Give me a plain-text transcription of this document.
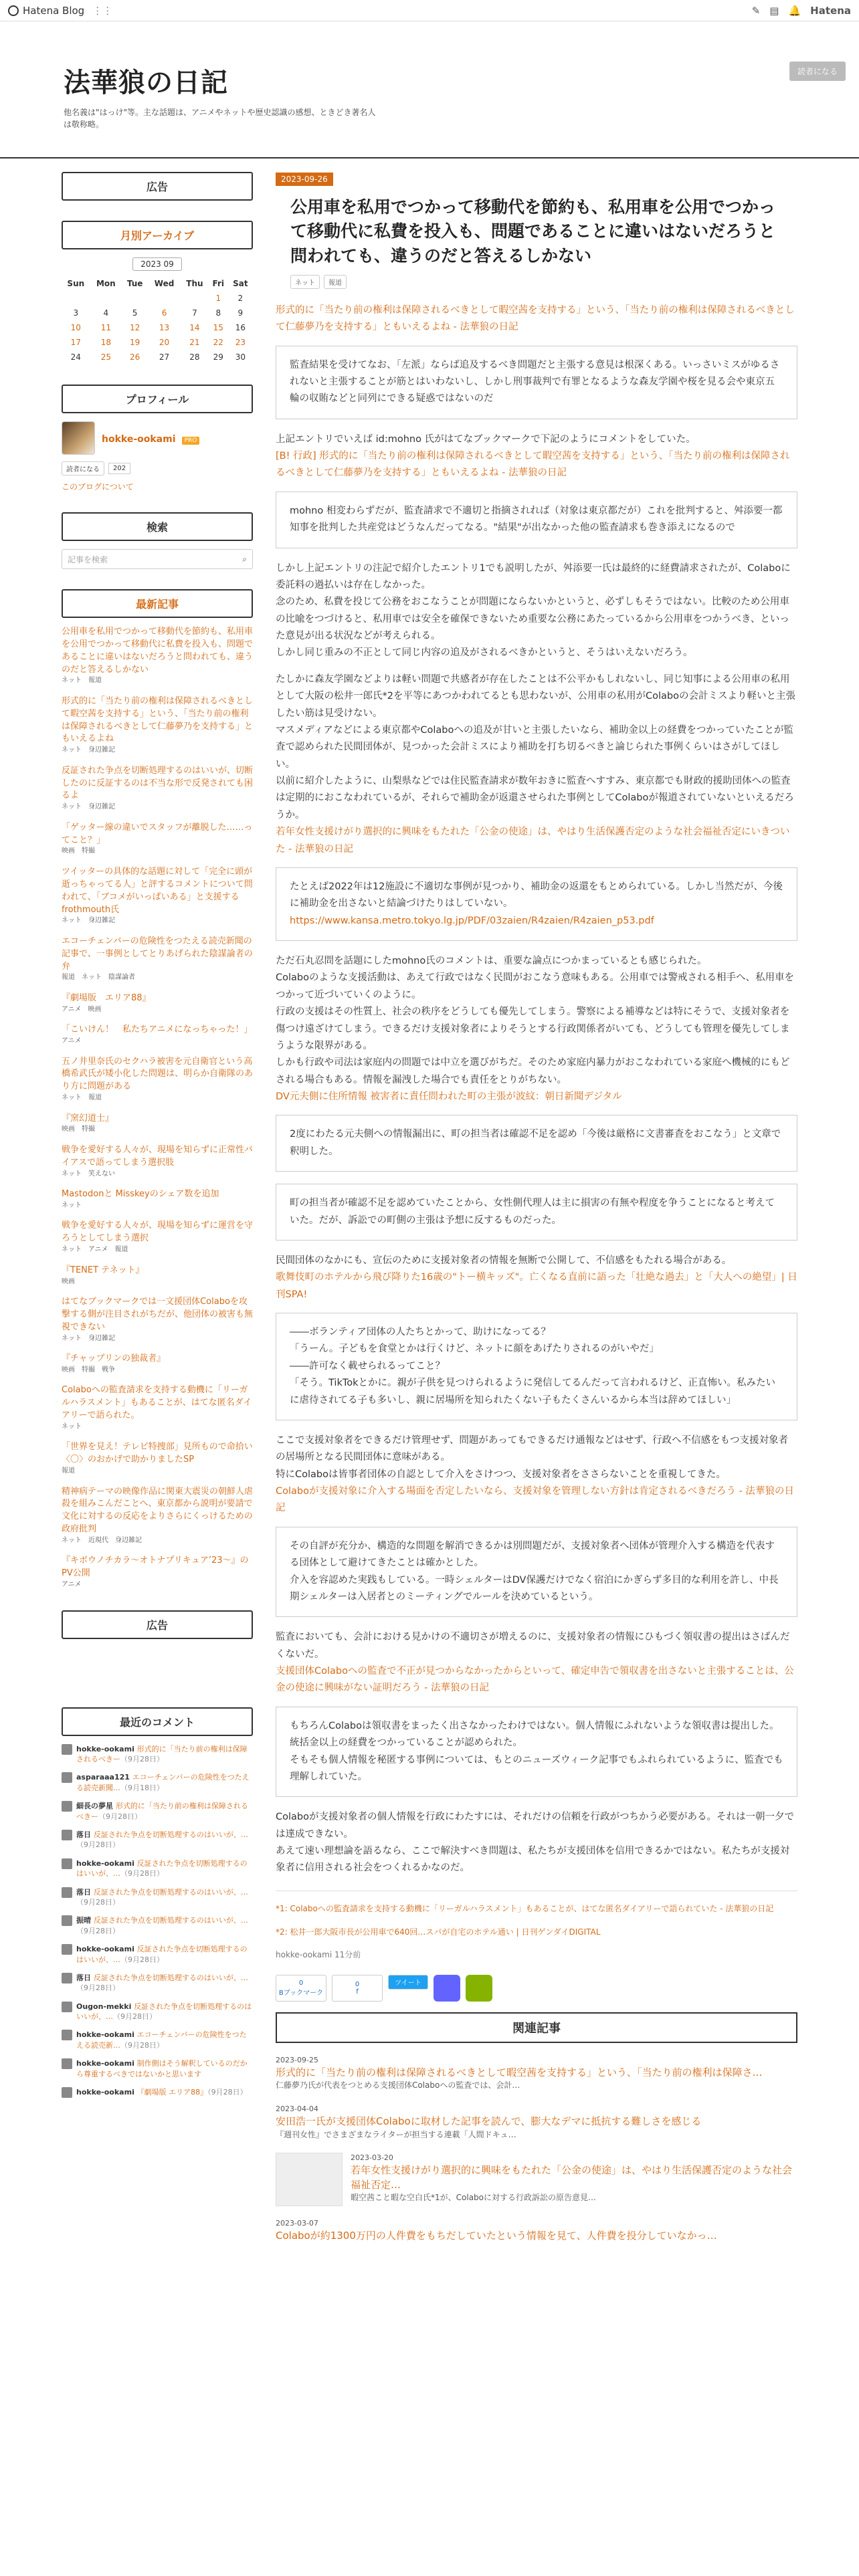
Hatena Blog ⋮⋮	✎ ▤ 🔔 Hatena
法華狼の日記
他名義は"はっけ"等。主な話題は、アニメやネットや歴史認識の感想、ときどき著名人
は敬称略。
読者になる
広告
月別アーカイブ
2023 09
Sun	Mon	Tue	Wed	Thu	Fri	Sat
					1	2
3	4	5	6	7	8	9
10	11	12	13	14	15	16
17	18	19	20	21	22	23
24	25	26	27	28	29	30
プロフィール
hokke-ookami PRO
読者になる	202
このブログについて
検索
記事を検索	⌕
最新記事
公用車を私用でつかって移動代を節約も、私用車を公用でつかって移動代に私費を投入も、問題であることに違いはないだろうと問われても、違うのだと答えるしかない
ネット　報道
形式的に「当たり前の権利は保障されるべきとして暇空茜を支持する」という、「当たり前の権利は保障されるべきとして仁藤夢乃を支持する」ともいえるよね
ネット　身辺雑記
反証された争点を切断処理するのはいいが、切断したのに反証するのは不当な形で反発されても困るよ
ネット　身辺雑記
「ゲッター線の違いでスタッフが離脱した……ってこと？」
映画　特撮
ツイッターの具体的な話題に対して「完全に頭が逝っちゃってる人」と評するコメントについて問われて、「ブコメがいっぱいある」と支援するfrothmouth氏
ネット　身辺雑記
エコーチェンバーの危険性をつたえる読売新聞の記事で、一事例としてとりあげられた陰謀論者の弁
報道　ネット　陰謀論者
『劇場版　エリア88』
アニメ　映画
「こいけん！　私たちアニメになっちゃった！」
アニメ
五ノ井里奈氏のセクハラ被害を元自衛官という高橋希武氏が矮小化した問題は、明らか自衛隊のあり方に問題がある
ネット　報道
『窯幻道士』
映画　特撮
戦争を愛好する人々が、現場を知らずに正常性バイアスで語ってしまう選択肢
ネット　笑えない
Mastodonと Misskeyのシェア数を追加
ネット
戦争を愛好する人々が、現場を知らずに運営を守ろうとしてしまう選択
ネット　アニメ　報道
『TENET テネット』
映画
はてなブックマークでは一文援団体Colaboを攻撃する側が注目されがちだが、他団体の被害も無視できない
ネット　身辺雑記
『チャップリンの独裁者』
映画　特撮　戦争
Colaboへの監査請求を支持する動機に「リーガルハラスメント」もあることが、はてな匿名ダイアリーで語られた。
ネット
「世界を見え！テレビ特捜部」見所もので命拾い　〈〇〉のおかげで助かりましたSP
報道
精神病テーマの映像作品に関東大震災の朝鮮人虐殺を組みこんだことへ、東京都から説明が要請で文化に対するの反応をよりさらにくっけるための政府批判
ネット　近現代　身辺雑記
『キボウノチカラ〜オトナプリキュア’23〜』の PV公開
アニメ
広告
最近のコメント
hokke-ookami 形式的に「当たり前の権利は保障されるべきー（9月28日）
asparaaa121 エコーチェンバーの危険性をつたえる読売新聞…（9月18日）
細長の夢星 形式的に「当たり前の権利は保障されるべきー（9月28日）
落日 反証された争点を切断処理するのはいいが、…（9月28日）
hokke-ookami 反証された争点を切断処理するのはいいが、…（9月28日）
落日 反証された争点を切断処理するのはいいが、…（9月28日）
振晴 反証された争点を切断処理するのはいいが、…（9月28日）
hokke-ookami 反証された争点を切断処理するのはいいが、…（9月28日）
落日 反証された争点を切断処理するのはいいが、…（9月28日）
Ougon-mekki 反証された争点を切断処理するのはいいが、…（9月28日）
hokke-ookami エコーチェンバーの危険性をつたえる読売新…（9月28日）
hokke-ookami 制作側はそう解釈しているのだから尊重するべきではないかと思います
hokke-ookami 『劇場版 エリア88』（9月28日）
2023-09-26
公用車を私用でつかって移動代を節約も、私用車を公用でつかって移動代に私費を投入も、問題であることに違いはないだろうと問われても、違うのだと答えるしかない
ネット	報道

形式的に「当たり前の権利は保障されるべきとして暇空茜を支持する」という、「当たり前の権利は保障されるべきとして仁藤夢乃を支持する」ともいえるよね - 法華狼の日記

監査結果を受けてなお、「左派」ならば追及するべき問題だと主張する意見は根深くある。いっさいミスがゆるされないと主張することが筋とはいわないし、しかし刑事裁判で有罪となるような森友学園や桜を見る会や東京五輪の収賄などと同列にできる疑惑ではないのだ

上記エントリでいえば id:mohno 氏がはてなブックマークで下記のようにコメントをしていた。
[B! 行政] 形式的に「当たり前の権利は保障されるべきとして暇空茜を支持する」という、「当たり前の権利は保障されるべきとして仁藤夢乃を支持する」ともいえるよね - 法華狼の日記

mohno 相変わらずだが、監査請求で不適切と指摘されれば（対象は東京都だが）これを批判すると、舛添要一都知事を批判した共産党はどうなんだってなる。"結果"が出なかった他の監査請求も巻き添えになるので

しかし上記エントリの注記で紹介したエントリ1でも説明したが、舛添要一氏は最終的に経費請求されたが、Colaboに委託料の過払いは存在しなかった。
念のため、私費を投じて公務をおこなうことが問題にならないかというと、必ずしもそうではない。比較のため公用車の比喩をつづけると、私用車では安全を確保できないため重要な公務にあたっているから公用車をつかうべき、といった意見が出る状況などが考えられる。
しかし同じ重みの不正として同じ内容の追及がされるべきかというと、そうはいえないだろう。

たしかに森友学園などよりは軽い問題で共感者が存在したことは不公平かもしれないし、同じ知事による公用車の私用として大阪の松井一郎氏*2を平等にあつかわれてるとも思わないが、公用車の私用がColaboの会計ミスより軽いと主張したい筋は見受けない。
マスメディアなどによる東京都やColaboへの追及が甘いと主張したいなら、補助金以上の経費をつかっていたことが監査で認められた民間団体が、見つかった会計ミスにより補助を打ち切るべきと論じられた事例くらいはさがしてほしい。
以前に紹介したように、山梨県などでは住民監査請求が数年おきに監査へすすみ、東京都でも財政的援助団体への監査は定期的におこなわれているが、それらで補助金が返還させられた事例としてColaboが報道されていないといえるだろうか。
若年女性支援けがり選択的に興味をもたれた「公金の使途」は、やはり生活保護否定のような社会福祉否定にいきついた - 法華狼の日記

たとえば2022年は12施設に不適切な事例が見つかり、補助金の返還をもとめられている。しかし当然だが、今後に補助金を出さないと結論づけたりはしていない。
https://www.kansa.metro.tokyo.lg.jp/PDF/03zaien/R4zaien/R4zaien_p53.pdf

ただ石丸忍問を話題にしたmohno氏のコメントは、重要な論点につかまっているとも感じられた。
Colaboのような支援活動は、あえて行政ではなく民間がおこなう意味もある。公用車では警戒される相手へ、私用車をつかって近づいていくのように。
行政の支援はその性質上、社会の秩序をどうしても優先してしまう。警察による補導などは特にそうで、支援対象者を傷つけ遠ざけてしまう。できるだけ支援対象者によりそうとする行政関係者がいても、どうしても管理を優先してしまうような限界がある。
しかも行政や司法は家庭内の問題では中立を選びがちだ。そのため家庭内暴力がおこなわれている家庭へ機械的にもどされる場合もある。情報を漏洩した場合でも責任をとりがちない。
DV元夫側に住所情報 被害者に責任問われた町の主張が波紋：朝日新聞デジタル

2度にわたる元夫側への情報漏出に、町の担当者は確認不足を認め「今後は厳格に文書審査をおこなう」と文章で釈明した。
町の担当者が確認不足を認めていたことから、女性側代理人は主に損害の有無や程度を争うことになると考えていた。だが、訴訟での町側の主張は予想に反するものだった。

民間団体のなかにも、宣伝のために支援対象者の情報を無断で公開して、不信感をもたれる場合がある。
歌舞伎町のホテルから飛び降りた16歳の"トー横キッズ"。亡くなる直前に語った「壮絶な過去」と「大人への絶望」| 日刊SPA!

――ボランティア団体の人たちとかって、助けになってる？
「うーん。子どもを食堂とかは行くけど、ネットに顔をあげたりされるのがいやだ」
――許可なく載せられるってこと？
「そう。TikTokとかに。親が子供を見つけられるように発信してるんだって言われるけど、正直怖い。私みたいに虐待されてる子も多いし、親に居場所を知られたくない子もたくさんいるから本当は辞めてほしい」

ここで支援対象者をできるだけ管理せず、問題があってもできるだけ通報などはせず、行政へ不信感をもつ支援対象者の居場所となる民間団体に意味がある。
特にColaboは皆事者団体の自認として介入をさけつつ、支援対象者をささらないことを重視してきた。
Colaboが支援対象に介入する場面を否定したいなら、支援対象を管理しない方針は肯定されるべきだろう - 法華狼の日記

その自評が充分か、構造的な問題を解消できるかは別問題だが、支援対象者へ団体が管理介入する構造を代表する団体として避けてきたことは確かとした。
介入を容認めた実践もしている。一時シェルターはDV保護だけでなく宿泊にかぎらず多目的な利用を許し、中長期シェルターは入居者とのミーティングでルールを決めているという。

監査においても、会計における見かけの不適切さが増えるのに、支援対象者の情報にひもづく領収書の提出はさばんだくないだ。
支援団体Colaboへの監査で不正が見つからなかったからといって、確定申告で領収書を出さないと主張することは、公金の使途に興味がない証明だろう - 法華狼の日記

もちろんColaboは領収書をまったく出さなかったわけではない。個人情報にふれないような領収書は提出した。統括金以上の経費をつかっていることが認められた。
そもそも個人情報を秘匿する事例については、もとのニューズウィーク記事でもふれられているように、監査でも理解しれていた。

Colaboが支援対象者の個人情報を行政にわたすには、それだけの信頼を行政がつちかう必要がある。それは一朝一夕では達成できない。
あえて速い理想論を語るなら、ここで解決すべき問題は、私たちが支援団体を信用できるかではない。私たちが支援対象者に信用される社会をつくれるかなのだ。

*1: Colaboへの監査請求を支持する動機に「リーガルハラスメント」もあることが、はてな匿名ダイアリーで語られていた - 法華狼の日記

*2: 松井一郎大阪市長が公用車で640回…スパが自宅のホテル通い | 日刊ゲンダイDIGITAL

hokke-ookami 11分前
0
Bブックマーク
0
f
ツイート
関連記事
2023-09-25
形式的に「当たり前の権利は保障されるべきとして暇空茜を支持する」という、「当たり前の権利は保障さ…
仁藤夢乃氏が代表をつとめる支援団体Colaboへの監査では、会計…
2023-04-04
安田浩一氏が支援団体Colaboに取材した記事を読んで、膨大なデマに抵抗する難しさを感じる
『週刊女性』でさまざまなライターが担当する連載「人間ドキュ…
2023-03-20
若年女性支援けがり選択的に興味をもたれた「公金の使途」は、やはり生活保護否定のような社会福祉否定…
暇空茜こと暇な空白氏*1が、Colaboに対する行政訴訟の原告意見…
2023-03-07
Colaboが約1300万円の人件費をもちだしていたという情報を見て、人件費を投分していなかっ…
